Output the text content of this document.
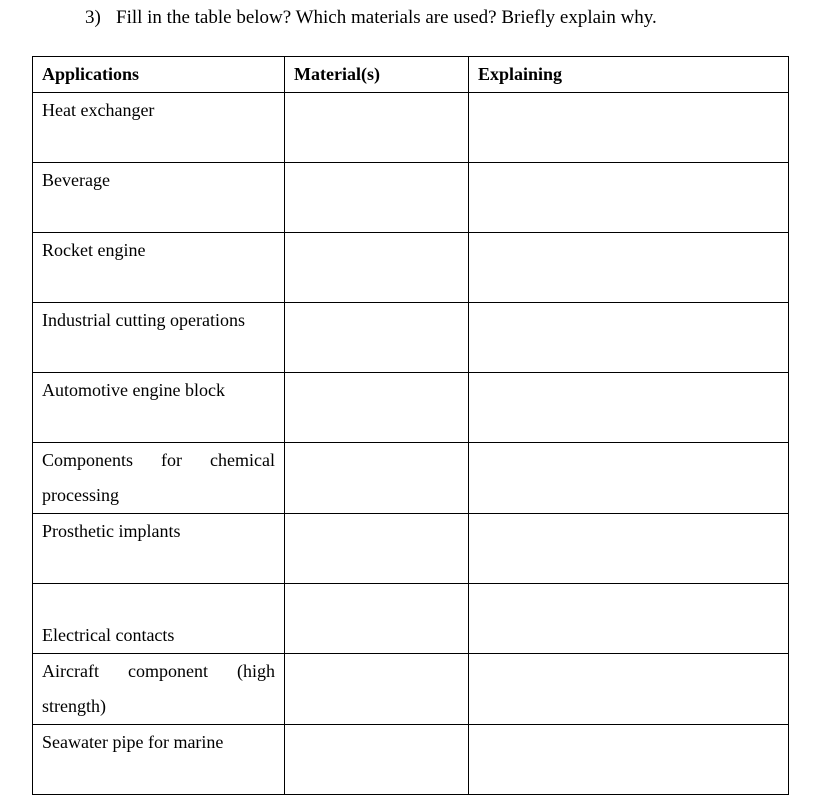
3) Fill in the table below? Which materials are used? Briefly explain why.
Applications	Material(s)	Explaining

Heat exchanger		

Beverage		

Rocket engine		

Industrial cutting operations		

Automotive engine block		

Components for chemical processing		

Prosthetic implants		

Electrical contacts		

Aircraft component (high strength)		

Seawater pipe for marine		
